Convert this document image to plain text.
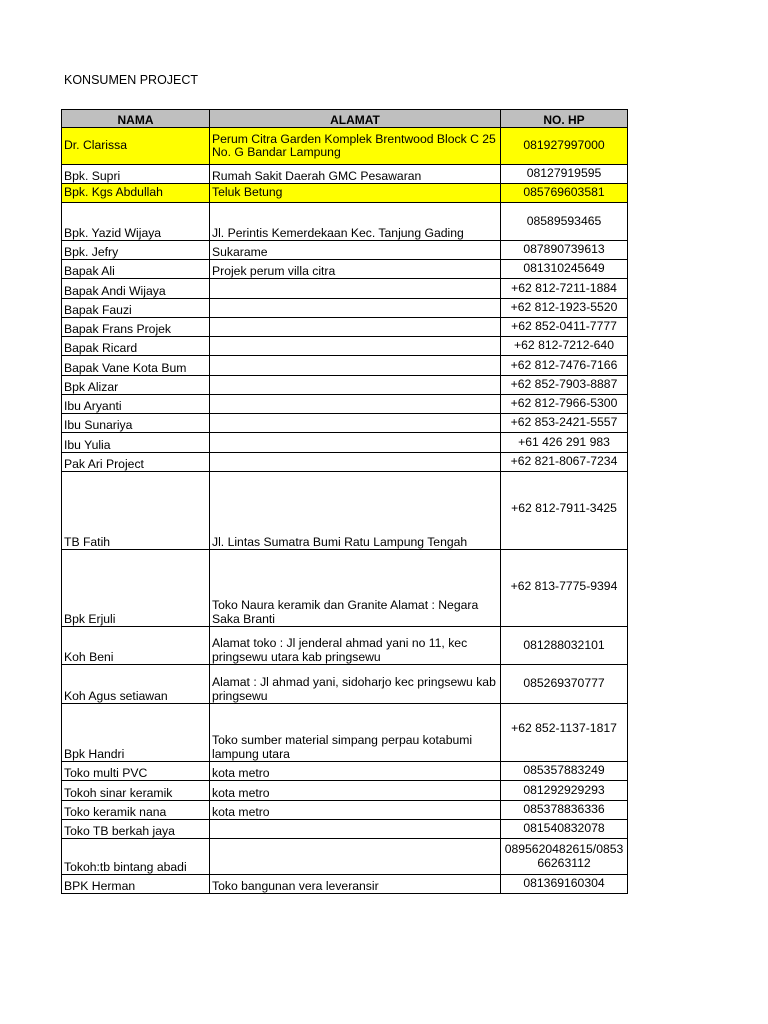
KONSUMEN PROJECT
NAMA	ALAMAT	NO. HP

Dr. Clarissa	Perum Citra Garden Komplek Brentwood Block C 25 No. G Bandar Lampung	081927997000

Bpk. Supri	Rumah Sakit Daerah GMC Pesawaran	08127919595

Bpk. Kgs Abdullah	Teluk Betung	085769603581

Bpk. Yazid Wijaya	Jl. Perintis Kemerdekaan Kec. Tanjung Gading	08589593465

Bpk. Jefry	Sukarame	087890739613

Bapak Ali	Projek perum villa citra	081310245649

Bapak Andi Wijaya		+62 812-7211-1884

Bapak Fauzi		+62 812-1923-5520

Bapak Frans Projek		+62 852-0411-7777

Bapak Ricard		+62 812-7212-640

Bapak Vane Kota Bum		+62 812-7476-7166

Bpk Alizar		+62 852-7903-8887

Ibu Aryanti		+62 812-7966-5300

Ibu Sunariya		+62 853-2421-5557

Ibu Yulia		+61 426 291 983

Pak Ari Project		+62 821-8067-7234

TB Fatih	Jl. Lintas Sumatra Bumi Ratu Lampung Tengah	+62 812-7911-3425

Bpk Erjuli	Toko Naura keramik dan Granite Alamat : Negara Saka Branti	+62 813-7775-9394

Koh Beni	Alamat toko : Jl jenderal ahmad yani no 11, kec pringsewu utara kab pringsewu	081288032101

Koh Agus setiawan	Alamat : Jl ahmad yani, sidoharjo kec pringsewu kab pringsewu	085269370777

Bpk Handri	Toko sumber material simpang perpau kotabumi lampung utara	+62 852-1137-1817

Toko multi PVC	kota metro	085357883249

Tokoh sinar keramik	kota metro	081292929293

Toko keramik nana	kota metro	085378836336

Toko TB berkah jaya		081540832078

Tokoh:tb bintang abadi		0895620482615/085366263112

BPK Herman	Toko bangunan vera leveransir	081369160304
